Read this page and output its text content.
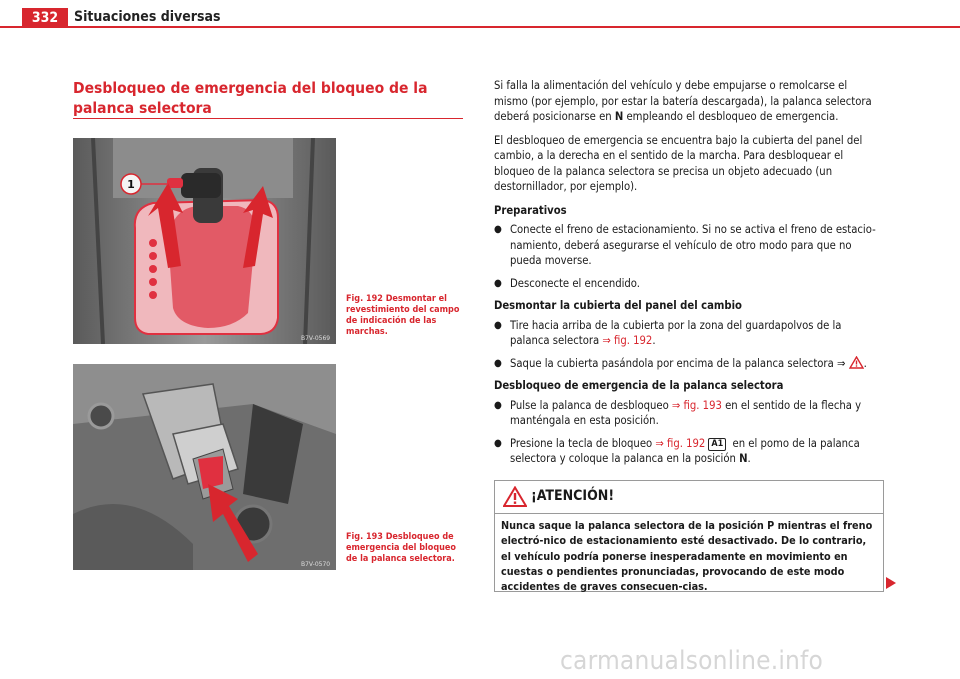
332	Situaciones diversas
Desbloqueo de emergencia del bloqueo de la palanca selectora
1
B7V-0569
Fig. 192 Desmontar el revestimiento del campo de indicación de las marchas.
B7V-0570
Fig. 193 Desbloqueo de emergencia del bloqueo de la palanca selectora.

Si falla la alimentación del vehículo y debe empujarse o remolcarse el mismo (por ejemplo, por estar la batería descargada), la palanca selectora deberá posicionarse en N empleando el desbloqueo de emergencia.

El desbloqueo de emergencia se encuentra bajo la cubierta del panel del cambio, a la derecha en el sentido de la marcha. Para desbloquear el bloqueo de la palanca selectora se precisa un objeto adecuado (un destornillador, por ejemplo).

Preparativos
● Conecte el freno de estacionamiento. Si no se activa el freno de estacio-namiento, deberá asegurarse el vehículo de otro modo para que no pueda moverse.
● Desconecte el encendido.
Desmontar la cubierta del panel del cambio
● Tire hacia arriba de la cubierta por la zona del guardapolvos de la palanca selectora ⇒ fig. 192.
● Saque la cubierta pasándola por encima de la palanca selectora ⇒ .
Desbloqueo de emergencia de la palanca selectora
● Pulse la palanca de desbloqueo ⇒ fig. 193 en el sentido de la flecha y manténgala en esta posición.
● Presione la tecla de bloqueo ⇒ fig. 192 A1 en el pomo de la palanca selectora y coloque la palanca en la posición N.
¡ATENCIÓN!
Nunca saque la palanca selectora de la posición P mientras el freno electró-nico de estacionamiento esté desactivado. De lo contrario, el vehículo podría ponerse inesperadamente en movimiento en cuestas o pendientes pronunciadas, provocando de este modo accidentes de graves consecuen-cias.
carmanualsonline.info
